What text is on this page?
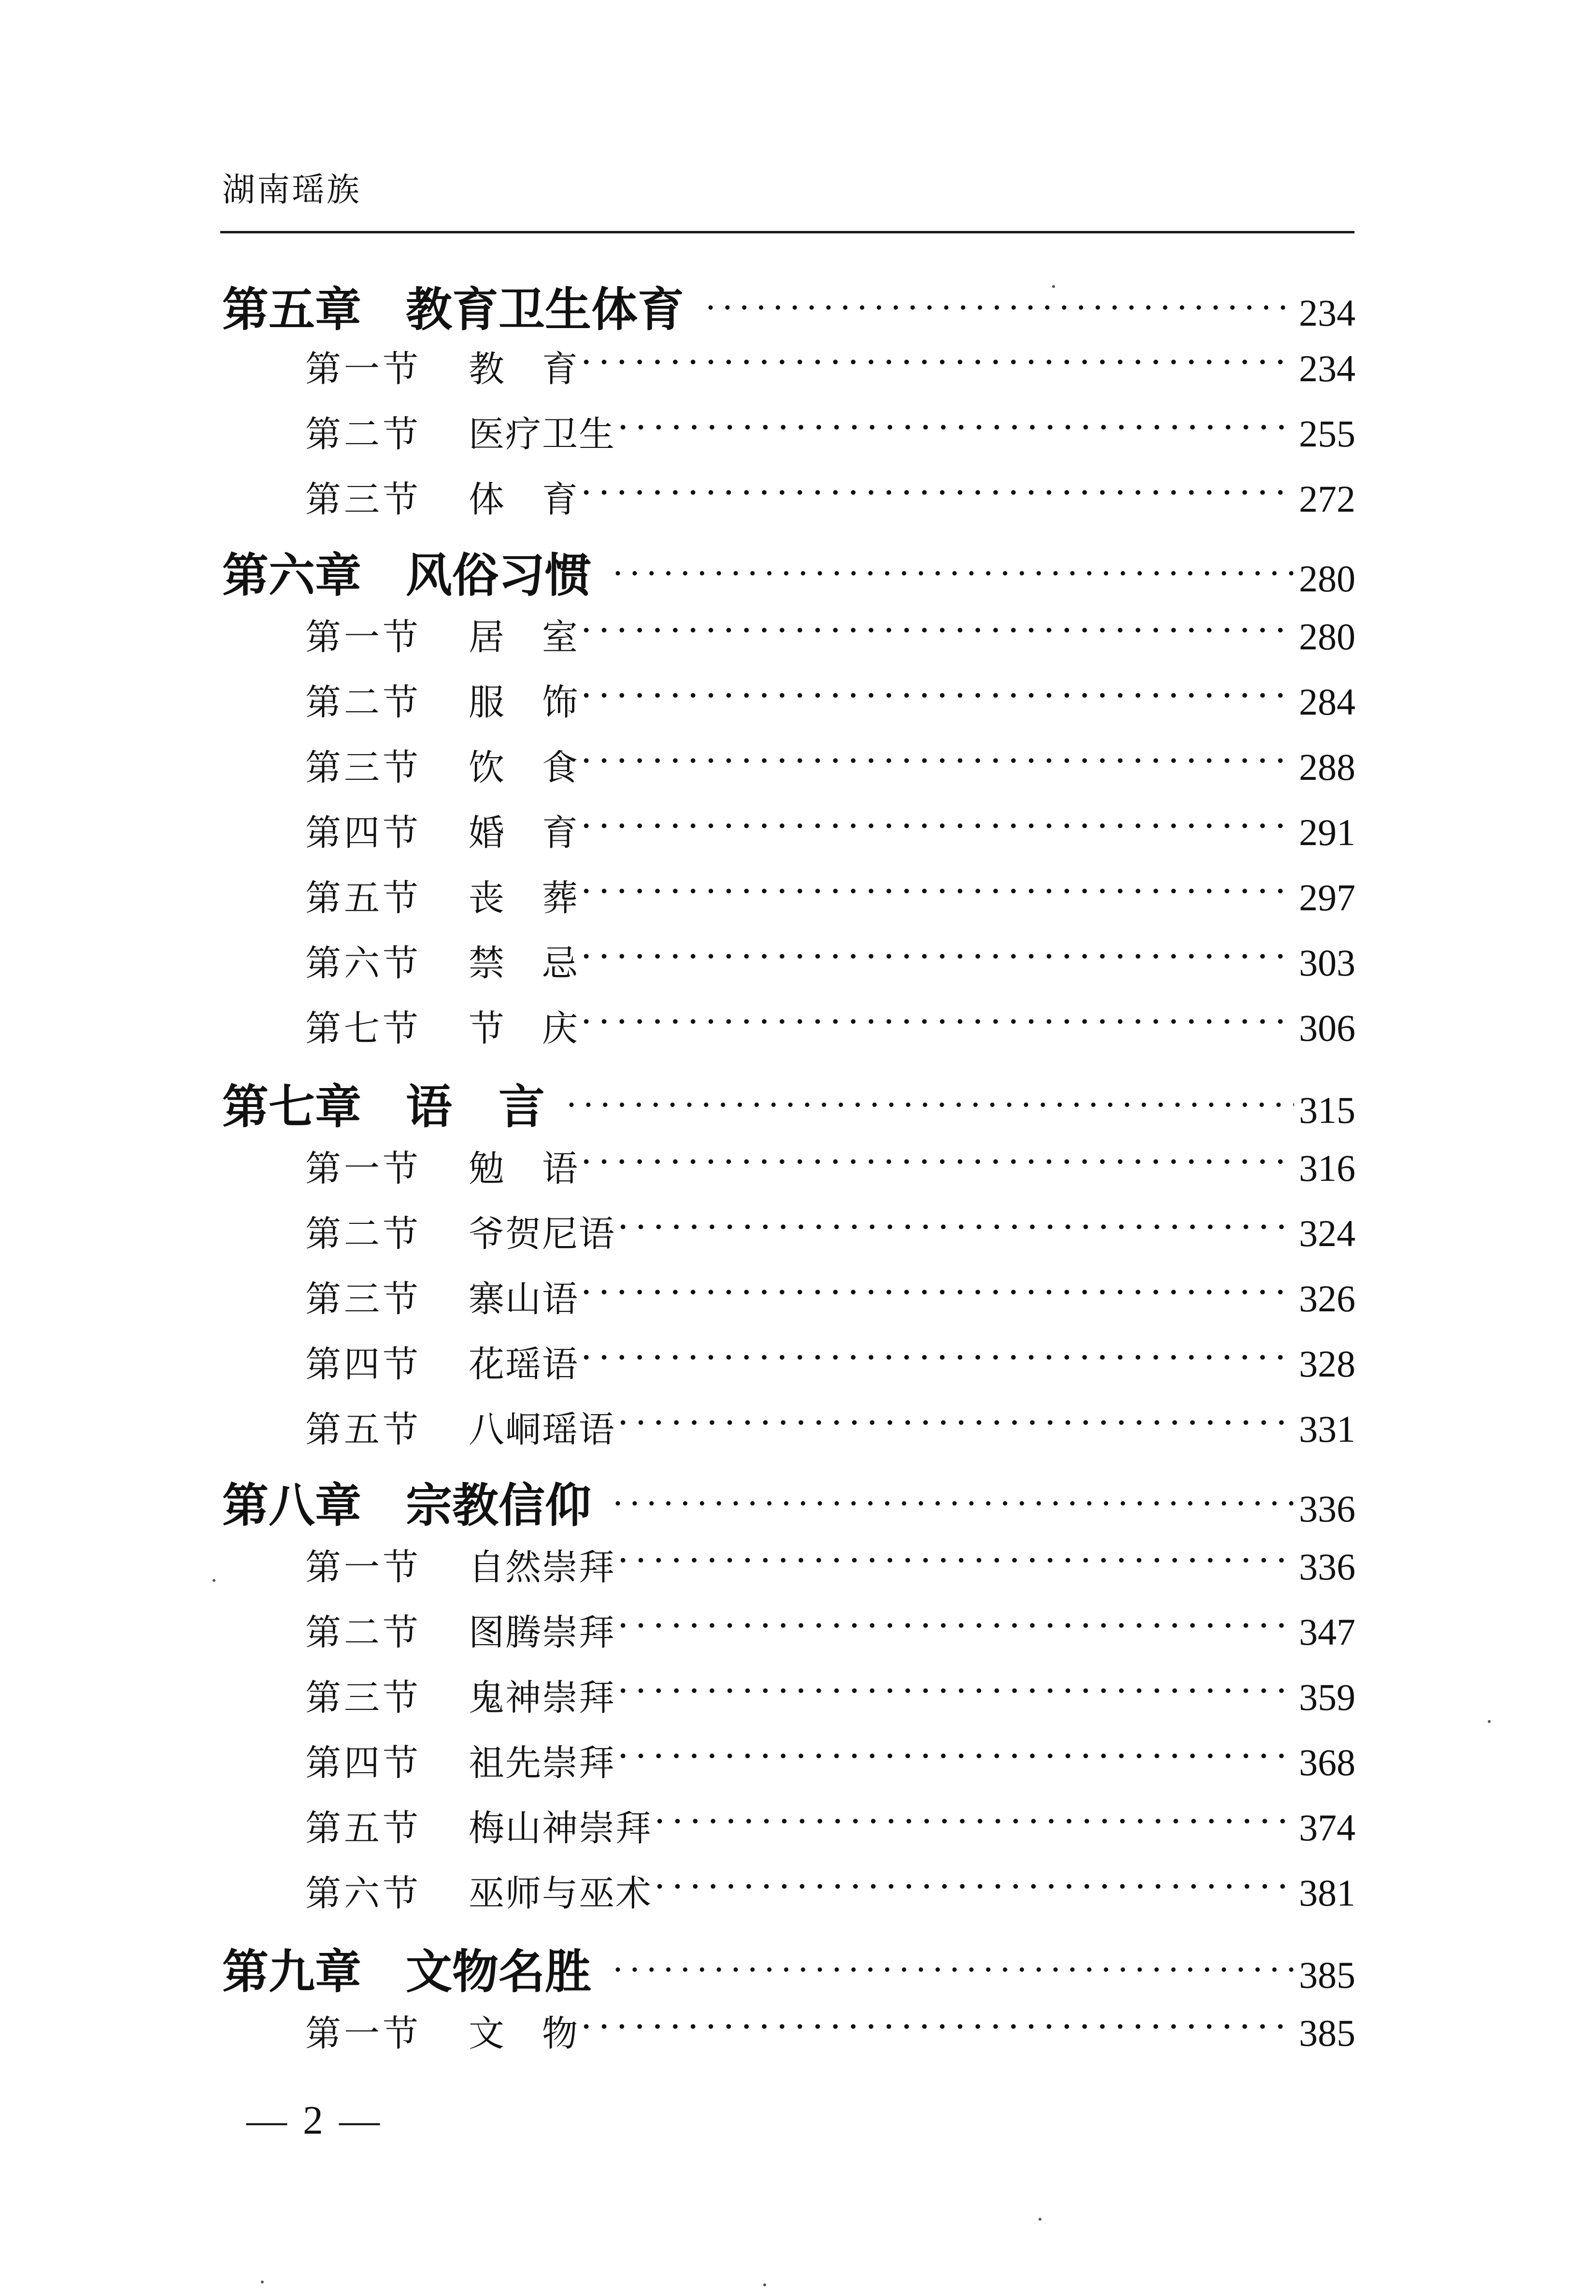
湖南瑶族
第五章 教育卫生体育 ·····	234
第一节 教　育 ·····	234
第二节 医疗卫生 ·····	255
第三节 体　育 ·····	272
第六章 风俗习惯 ·····	280
第一节 居　室 ·····	280
第二节 服　饰 ·····	284
第三节 饮　食 ·····	288
第四节 婚　育 ·····	291
第五节 丧　葬 ·····	297
第六节 禁　忌 ·····	303
第七节 节　庆 ·····	306
第七章 语　言 ·····	315
第一节 勉　语 ·····	316
第二节 爷贺尼语 ·····	324
第三节 寨山语 ·····	326
第四节 花瑶语 ·····	328
第五节 八峒瑶语 ·····	331
第八章 宗教信仰 ·····	336
第一节 自然崇拜 ·····	336
第二节 图腾崇拜 ·····	347
第三节 鬼神崇拜 ·····	359
第四节 祖先崇拜 ·····	368
第五节 梅山神崇拜 ·····	374
第六节 巫师与巫术 ·····	381
第九章 文物名胜 ·····	385
第一节 文　物 ·····	385
— 2 —
